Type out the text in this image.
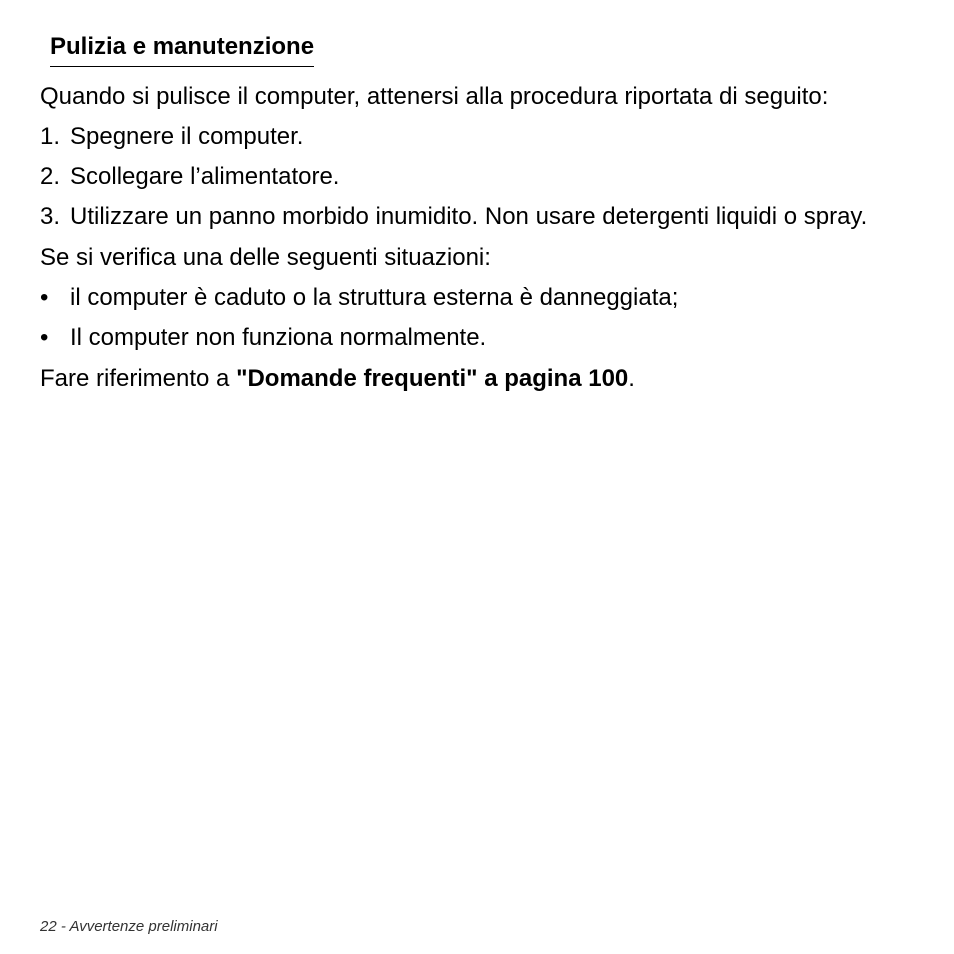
Pulizia e manutenzione

Quando si pulisce il computer, attenersi alla procedura riportata di seguito:

1. Spegnere il computer.
2. Scollegare l’alimentatore.
3. Utilizzare un panno morbido inumidito. Non usare detergenti liquidi o spray.

Se si verifica una delle seguenti situazioni:

• il computer è caduto o la struttura esterna è danneggiata;
• Il computer non funziona normalmente.

Fare riferimento a "Domande frequenti" a pagina 100.

22 - Avvertenze preliminari
